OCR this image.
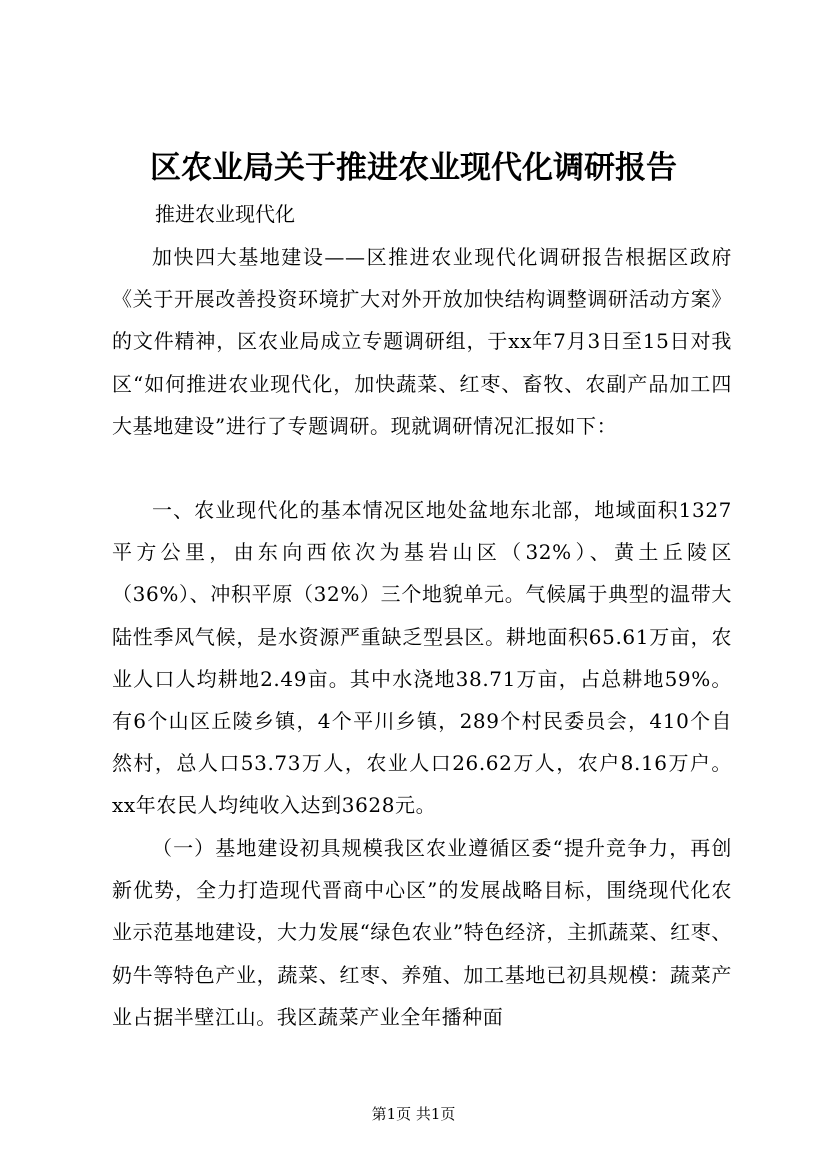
区农业局关于推进农业现代化调研报告
推进农业现代化

加快四大基地建设——区推进农业现代化调研报告根据区政府《关于开展改善投资环境扩大对外开放加快结构调整调研活动方案》的文件精神，区农业局成立专题调研组，于xx年7月3日至15日对我区“如何推进农业现代化，加快蔬菜、红枣、畜牧、农副产品加工四大基地建设”进行了专题调研。现就调研情况汇报如下：

一、农业现代化的基本情况区地处盆地东北部，地域面积1327平方公里，由东向西依次为基岩山区（32%）、黄土丘陵区（36%）、冲积平原（32%）三个地貌单元。气候属于典型的温带大陆性季风气候，是水资源严重缺乏型县区。耕地面积65.61万亩，农业人口人均耕地2.49亩。其中水浇地38.71万亩，占总耕地59%。有6个山区丘陵乡镇，4个平川乡镇，289个村民委员会，410个自然村，总人口53.73万人，农业人口26.62万人，农户8.16万户。xx年农民人均纯收入达到3628元。

（一）基地建设初具规模我区农业遵循区委“提升竞争力，再创新优势，全力打造现代晋商中心区”的发展战略目标，围绕现代化农业示范基地建设，大力发展“绿色农业”特色经济，主抓蔬菜、红枣、奶牛等特色产业，蔬菜、红枣、养殖、加工基地已初具规模：蔬菜产业占据半壁江山。我区蔬菜产业全年播种面

第1页 共1页
